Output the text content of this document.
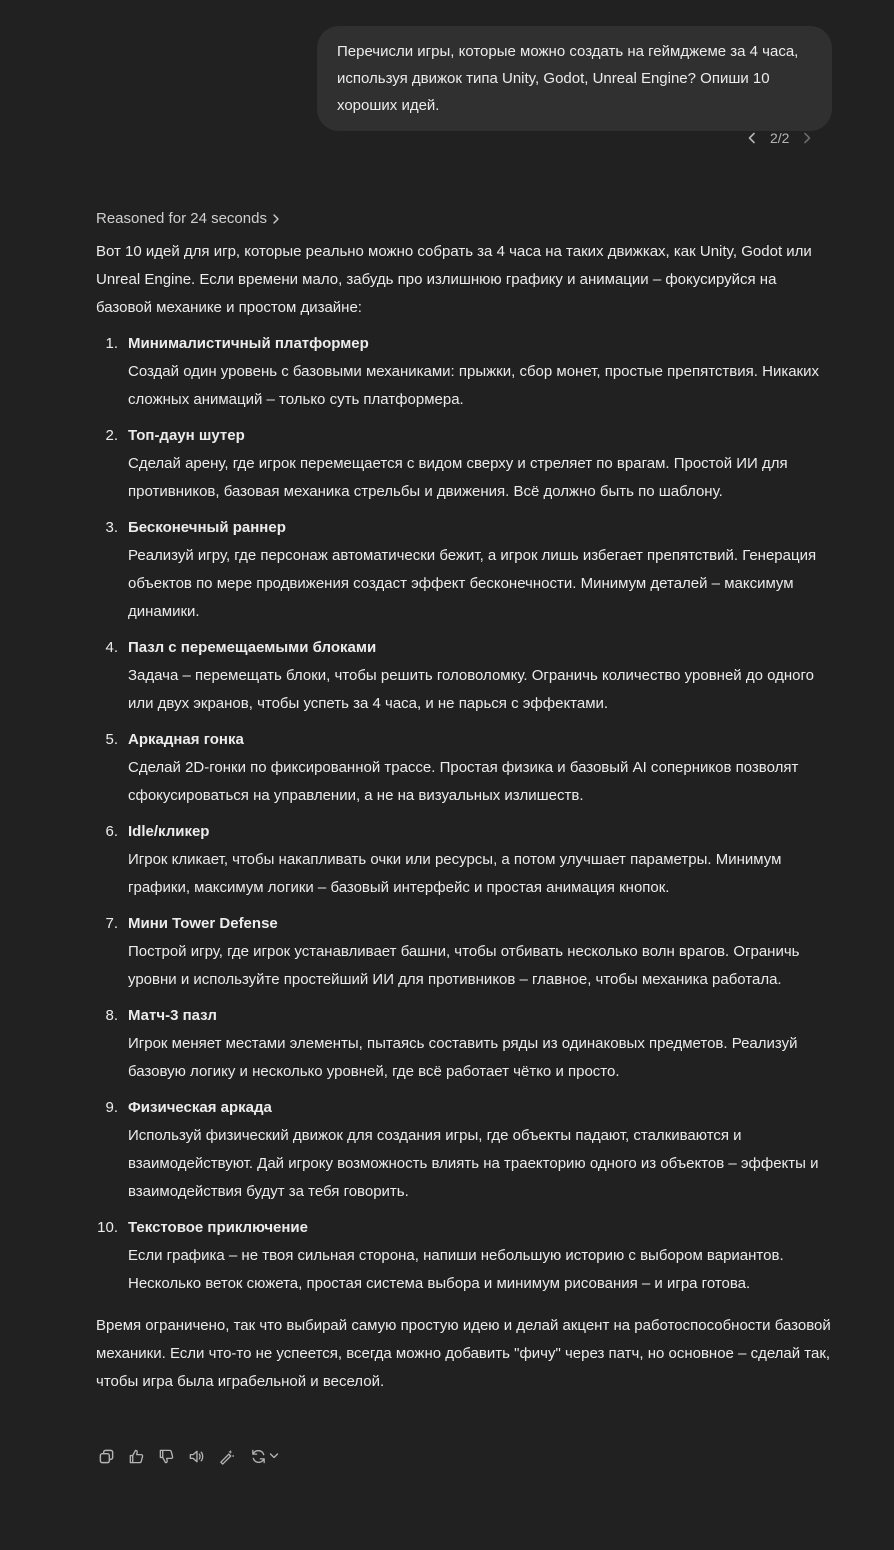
Перечисли игры, которые можно создать на геймджеме за 4 часа, используя движок типа Unity, Godot, Unreal Engine? Опиши 10 хороших идей.
2/2
Reasoned for 24 seconds

Вот 10 идей для игр, которые реально можно собрать за 4 часа на таких движках, как Unity, Godot или Unreal Engine. Если времени мало, забудь про излишнюю графику и анимации – фокусируйся на базовой механике и простом дизайне:

1. Минималистичный платформер
Создай один уровень с базовыми механиками: прыжки, сбор монет, простые препятствия. Никаких сложных анимаций – только суть платформера.
2. Топ-даун шутер
Сделай арену, где игрок перемещается с видом сверху и стреляет по врагам. Простой ИИ для противников, базовая механика стрельбы и движения. Всё должно быть по шаблону.
3. Бесконечный раннер
Реализуй игру, где персонаж автоматически бежит, а игрок лишь избегает препятствий. Генерация объектов по мере продвижения создаст эффект бесконечности. Минимум деталей – максимум динамики.
4. Пазл с перемещаемыми блоками
Задача – перемещать блоки, чтобы решить головоломку. Ограничь количество уровней до одного или двух экранов, чтобы успеть за 4 часа, и не парься с эффектами.
5. Аркадная гонка
Сделай 2D-гонки по фиксированной трассе. Простая физика и базовый AI соперников позволят сфокусироваться на управлении, а не на визуальных излишеств.
6. Idle/кликер
Игрок кликает, чтобы накапливать очки или ресурсы, а потом улучшает параметры. Минимум графики, максимум логики – базовый интерфейс и простая анимация кнопок.
7. Мини Tower Defense
Построй игру, где игрок устанавливает башни, чтобы отбивать несколько волн врагов. Ограничь уровни и используйте простейший ИИ для противников – главное, чтобы механика работала.
8. Матч-3 пазл
Игрок меняет местами элементы, пытаясь составить ряды из одинаковых предметов. Реализуй базовую логику и несколько уровней, где всё работает чётко и просто.
9. Физическая аркада
Используй физический движок для создания игры, где объекты падают, сталкиваются и взаимодействуют. Дай игроку возможность влиять на траекторию одного из объектов – эффекты и взаимодействия будут за тебя говорить.
10. Текстовое приключение
Если графика – не твоя сильная сторона, напиши небольшую историю с выбором вариантов. Несколько веток сюжета, простая система выбора и минимум рисования – и игра готова.

Время ограничено, так что выбирай самую простую идею и делай акцент на работоспособности базовой механики. Если что-то не успеется, всегда можно добавить "фичу" через патч, но основное – сделай так, чтобы игра была играбельной и веселой.
